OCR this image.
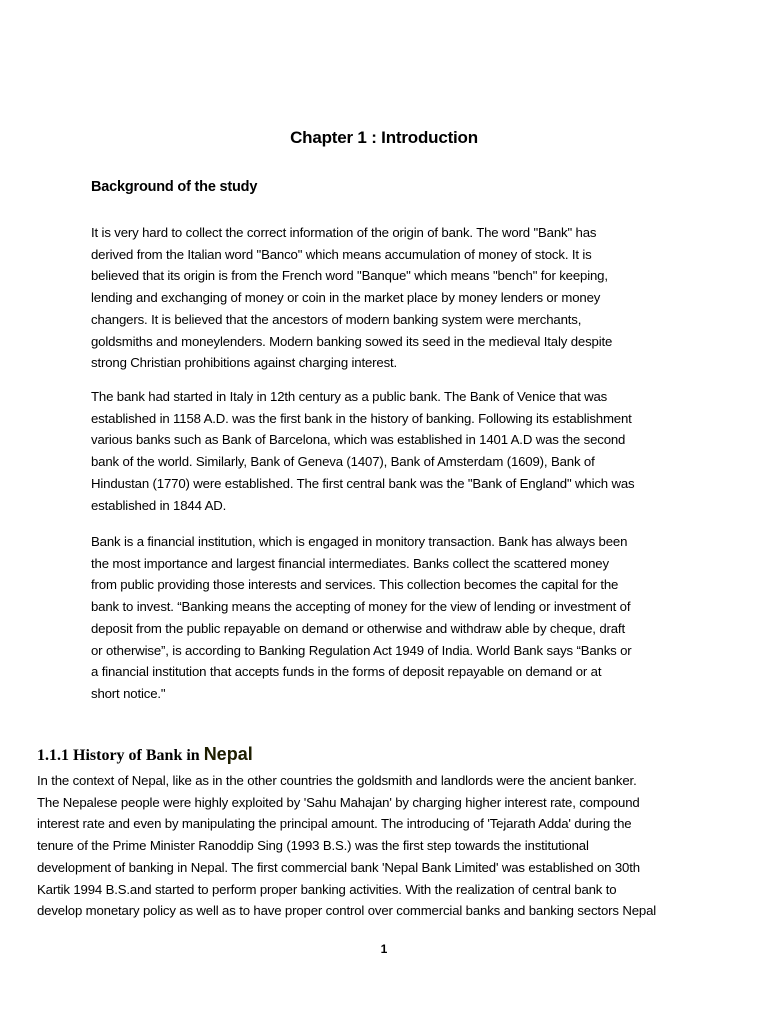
Chapter 1 : Introduction
Background of the study

It is very hard to collect the correct information of the origin of bank. The word "Bank" has
derived from the Italian word "Banco" which means accumulation of money of stock. It is
believed that its origin is from the French word "Banque" which means "bench" for keeping,
lending and exchanging of money or coin in the market place by money lenders or money
changers. It is believed that the ancestors of modern banking system were merchants,
goldsmiths and moneylenders. Modern banking sowed its seed in the medieval Italy despite
strong Christian prohibitions against charging interest.

The bank had started in Italy in 12th century as a public bank. The Bank of Venice that was
established in 1158 A.D. was the first bank in the history of banking. Following its establishment
various banks such as Bank of Barcelona, which was established in 1401 A.D was the second
bank of the world. Similarly, Bank of Geneva (1407), Bank of Amsterdam (1609), Bank of
Hindustan (1770) were established. The first central bank was the "Bank of England" which was
established in 1844 AD.

Bank is a financial institution, which is engaged in monitory transaction. Bank has always been
the most importance and largest financial intermediates. Banks collect the scattered money
from public providing those interests and services. This collection becomes the capital for the
bank to invest. “Banking means the accepting of money for the view of lending or investment of
deposit from the public repayable on demand or otherwise and withdraw able by cheque, draft
or otherwise”, is according to Banking Regulation Act 1949 of India. World Bank says “Banks or
a financial institution that accepts funds in the forms of deposit repayable on demand or at
short notice."

1.1.1 History of Bank in Nepal

In the context of Nepal, like as in the other countries the goldsmith and landlords were the ancient banker.
The Nepalese people were highly exploited by 'Sahu Mahajan' by charging higher interest rate, compound
interest rate and even by manipulating the principal amount. The introducing of 'Tejarath Adda' during the
tenure of the Prime Minister Ranoddip Sing (1993 B.S.) was the first step towards the institutional
development of banking in Nepal. The first commercial bank 'Nepal Bank Limited' was established on 30th
Kartik 1994 B.S.and started to perform proper banking activities. With the realization of central bank to
develop monetary policy as well as to have proper control over commercial banks and banking sectors Nepal

1
